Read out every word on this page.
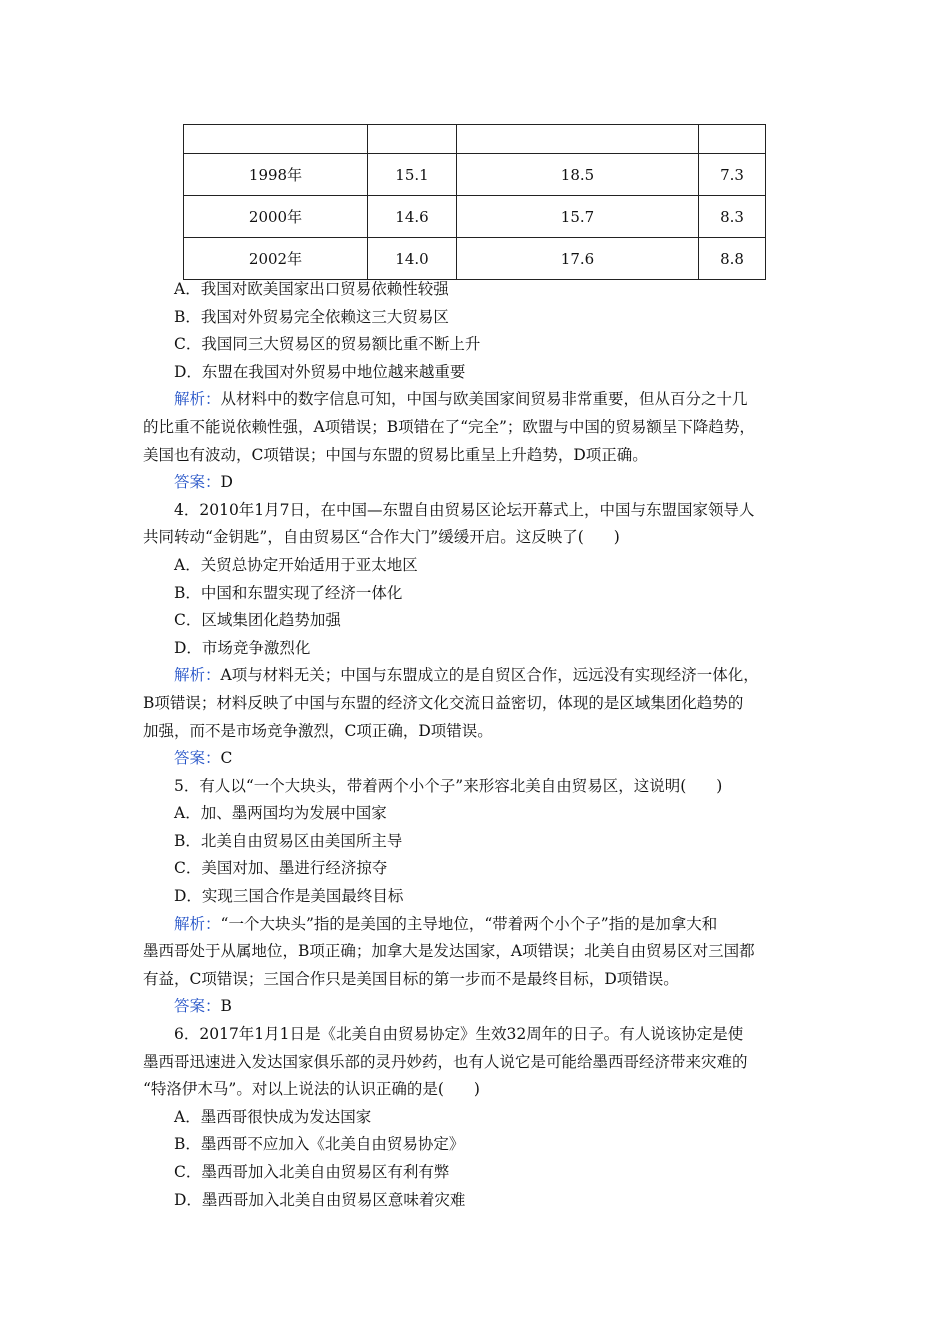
1998年	15.1	18.5	7.3
2000年	14.6	15.7	8.3
2002年	14.0	17.6	8.8
A．我国对欧美国家出口贸易依赖性较强
B．我国对外贸易完全依赖这三大贸易区
C．我国同三大贸易区的贸易额比重不断上升
D．东盟在我国对外贸易中地位越来越重要
解析：从材料中的数字信息可知，中国与欧美国家间贸易非常重要，但从百分之十几
的比重不能说依赖性强，A项错误；B项错在了“完全”；欧盟与中国的贸易额呈下降趋势，
美国也有波动，C项错误；中国与东盟的贸易比重呈上升趋势，D项正确。
答案：D
4．2010年1月7日，在中国—东盟自由贸易区论坛开幕式上，中国与东盟国家领导人
共同转动“金钥匙”，自由贸易区“合作大门”缓缓开启。这反映了( )
A．关贸总协定开始适用于亚太地区
B．中国和东盟实现了经济一体化
C．区域集团化趋势加强
D．市场竞争激烈化
解析：A项与材料无关；中国与东盟成立的是自贸区合作，远远没有实现经济一体化，
B项错误；材料反映了中国与东盟的经济文化交流日益密切，体现的是区域集团化趋势的
加强，而不是市场竞争激烈，C项正确，D项错误。
答案：C
5．有人以“一个大块头，带着两个小个子”来形容北美自由贸易区，这说明( )
A．加、墨两国均为发展中国家
B．北美自由贸易区由美国所主导
C．美国对加、墨进行经济掠夺
D．实现三国合作是美国最终目标
解析：“一个大块头”指的是美国的主导地位，“带着两个小个子”指的是加拿大和
墨西哥处于从属地位，B项正确；加拿大是发达国家，A项错误；北美自由贸易区对三国都
有益，C项错误；三国合作只是美国目标的第一步而不是最终目标，D项错误。
答案：B
6．2017年1月1日是《北美自由贸易协定》生效32周年的日子。有人说该协定是使
墨西哥迅速进入发达国家俱乐部的灵丹妙药，也有人说它是可能给墨西哥经济带来灾难的
“特洛伊木马”。对以上说法的认识正确的是( )
A．墨西哥很快成为发达国家
B．墨西哥不应加入《北美自由贸易协定》
C．墨西哥加入北美自由贸易区有利有弊
D．墨西哥加入北美自由贸易区意味着灾难
